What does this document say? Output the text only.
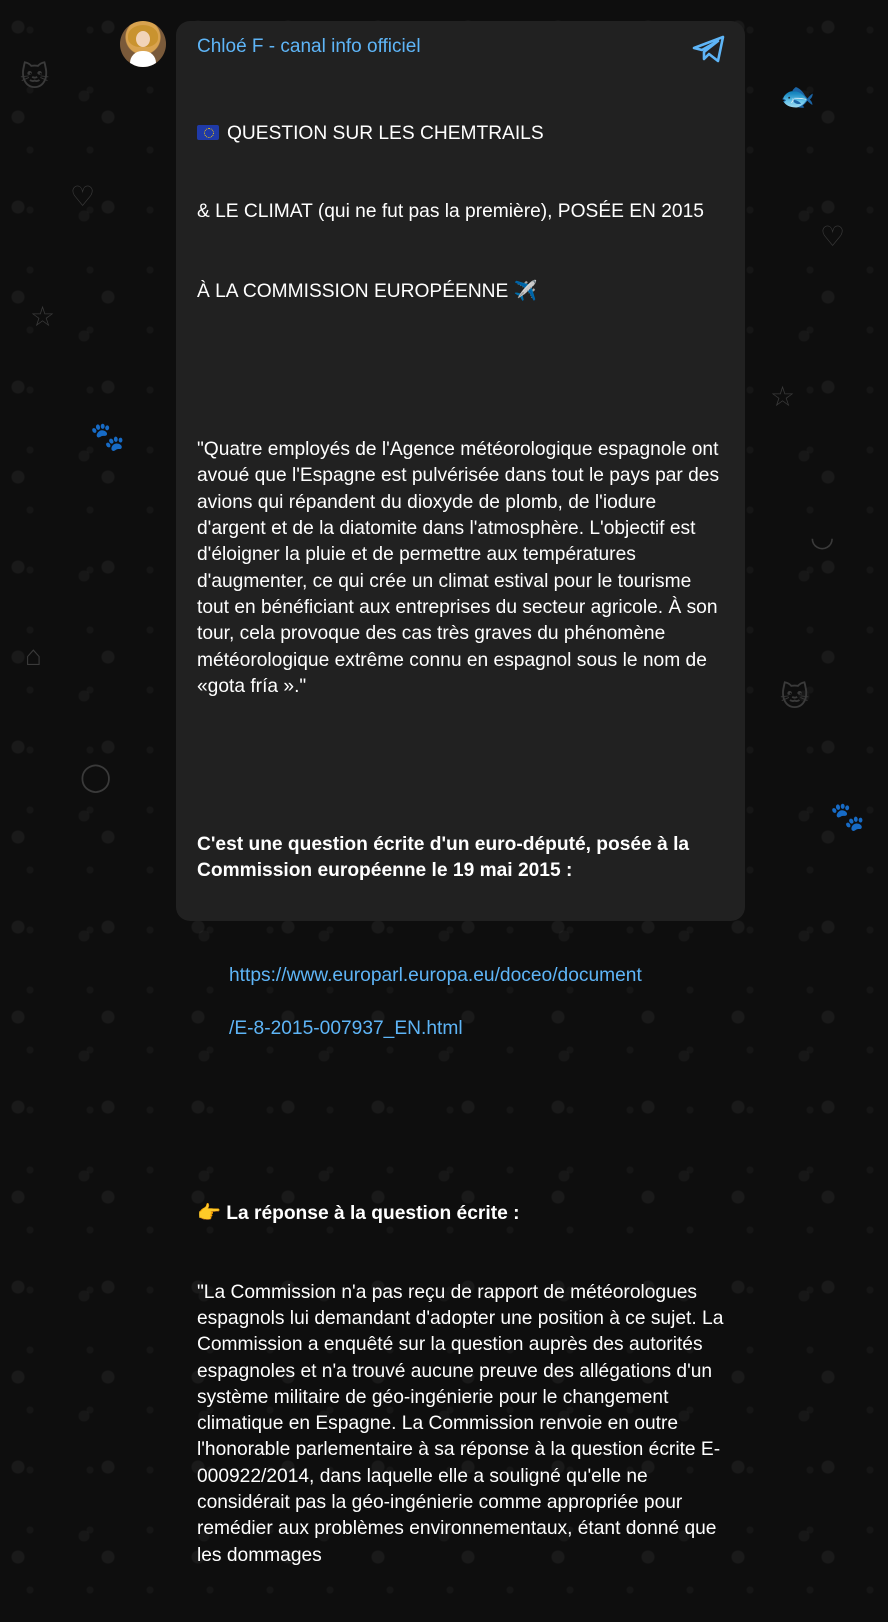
🐱
♡
☆
🐾
⌂
◯
🐟
♡
☆
◡
🐱
🐾
Chloé F - canal info officiel

QUESTION SUR LES CHEMTRAILS

& LE CLIMAT (qui ne fut pas la première), POSÉE EN 2015

À LA COMMISSION EUROPÉENNE ✈️

"Quatre employés de l'Agence météorologique espagnole ont avoué que l'Espagne est pulvérisée dans tout le pays par des avions qui répandent du dioxyde de plomb, de l'iodure d'argent et de la diatomite dans l'atmosphère. L'objectif est d'éloigner la pluie et de permettre aux températures d'augmenter, ce qui crée un climat estival pour le tourisme tout en bénéficiant aux entreprises du secteur agricole. À son tour, cela provoque des cas très graves du phénomène météorologique extrême connu en espagnol sous le nom de «gota fría »."

C'est une question écrite d'un euro-député, posée à la Commission européenne le 19 mai 2015 :

https://www.europarl.europa.eu/doceo/document

/E-8-2015-007937_EN.html

👉 La réponse à la question écrite :

"La Commission n'a pas reçu de rapport de météorologues espagnols lui demandant d'adopter une position à ce sujet. La Commission a enquêté sur la question auprès des autorités espagnoles et n'a trouvé aucune preuve des allégations d'un système militaire de géo-ingénierie pour le changement climatique en Espagne. La Commission renvoie en outre l'honorable parlementaire à sa réponse à la question écrite E-000922/2014, dans laquelle elle a souligné qu'elle ne considérait pas la géo-ingénierie comme appropriée pour remédier aux problèmes environnementaux, étant donné que les dommages
